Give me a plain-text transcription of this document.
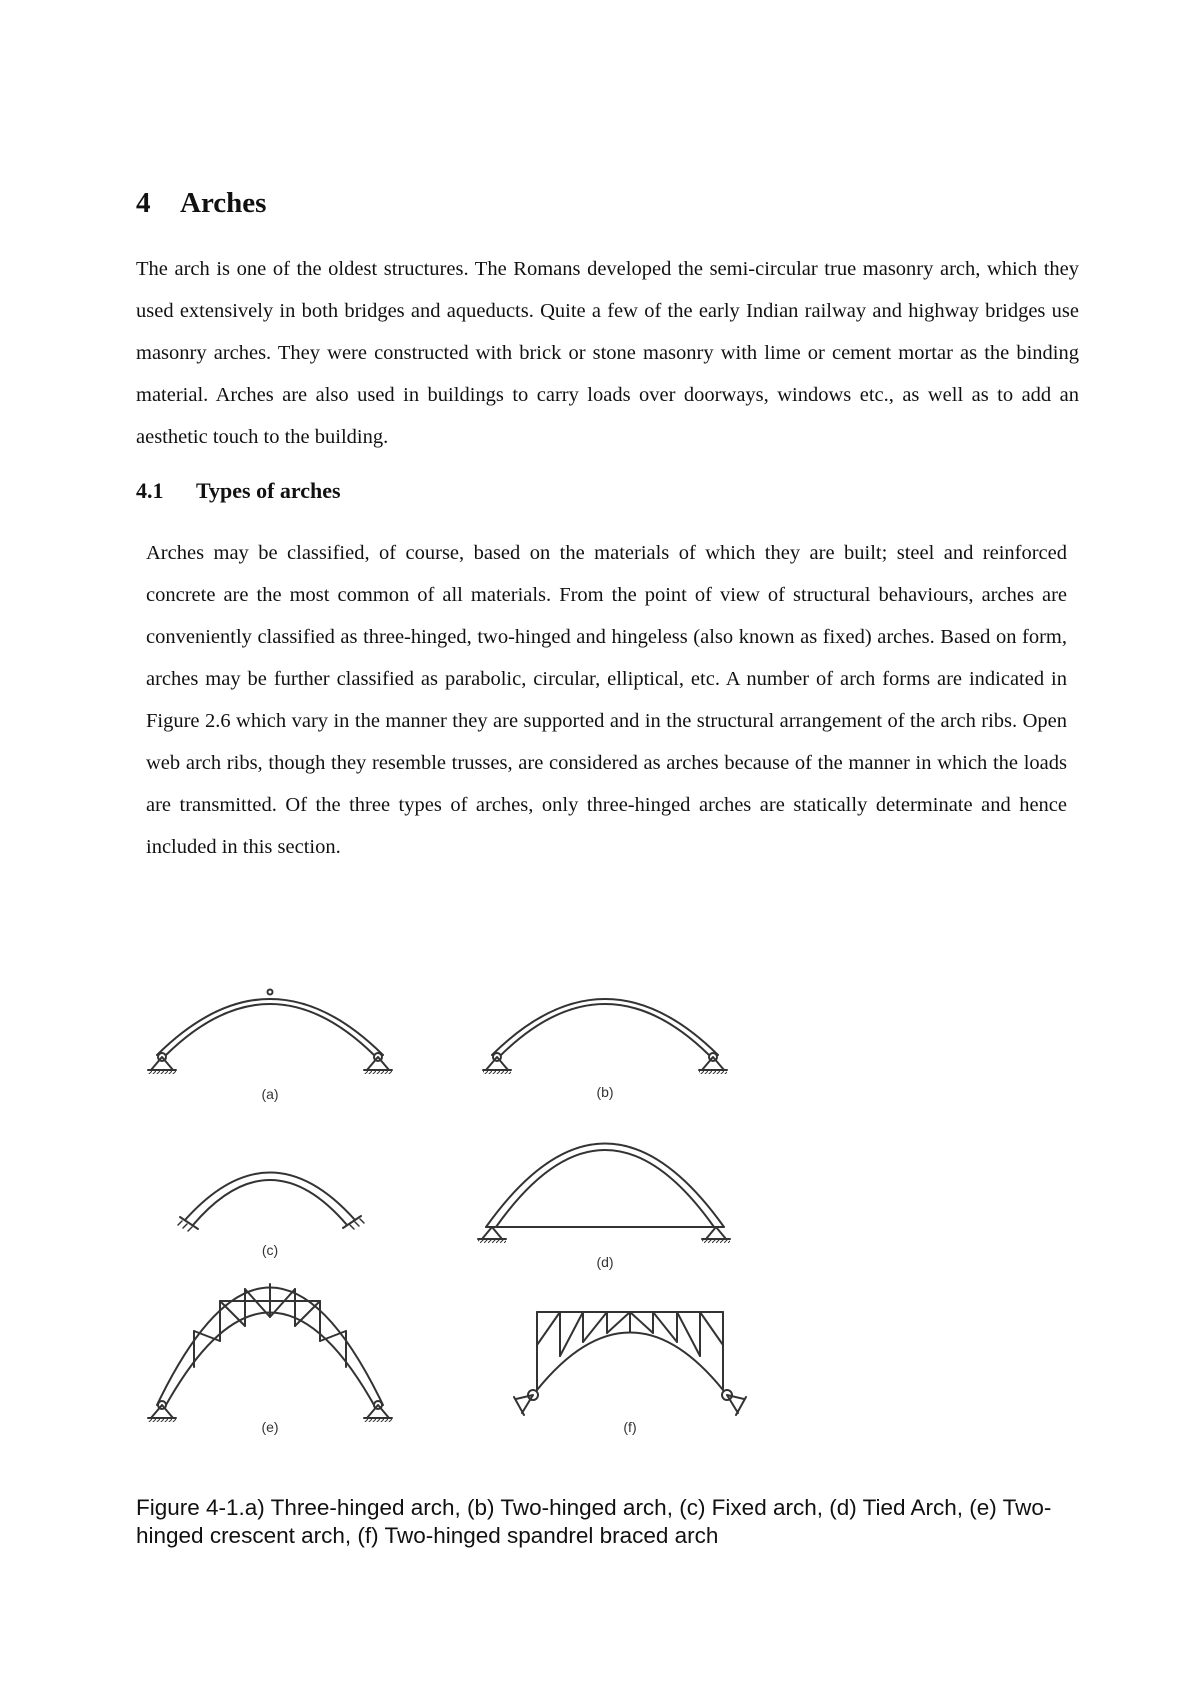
4 Arches

The arch is one of the oldest structures. The Romans developed the semi-circular true masonry arch, which they used extensively in both bridges and aqueducts. Quite a few of the early Indian railway and highway bridges use masonry arches. They were constructed with brick or stone masonry with lime or cement mortar as the binding material. Arches are also used in buildings to carry loads over doorways, windows etc., as well as to add an aesthetic touch to the building.

4.1 Types of arches

Arches may be classified, of course, based on the materials of which they are built; steel and reinforced concrete are the most common of all materials. From the point of view of structural behaviours, arches are conveniently classified as three-hinged, two-hinged and hingeless (also known as fixed) arches. Based on form, arches may be further classified as parabolic, circular, elliptical, etc. A number of arch forms are indicated in Figure 2.6 which vary in the manner they are supported and in the structural arrangement of the arch ribs. Open web arch ribs, though they resemble trusses, are considered as arches because of the manner in which the loads are transmitted. Of the three types of arches, only three-hinged arches are statically determinate and hence included in this section.

(a)	(b)
(c)
(d)
(e)	(f)

Figure 4-1.a) Three-hinged arch, (b) Two-hinged arch, (c) Fixed arch, (d) Tied Arch, (e) Two-hinged crescent arch, (f) Two-hinged spandrel braced arch
